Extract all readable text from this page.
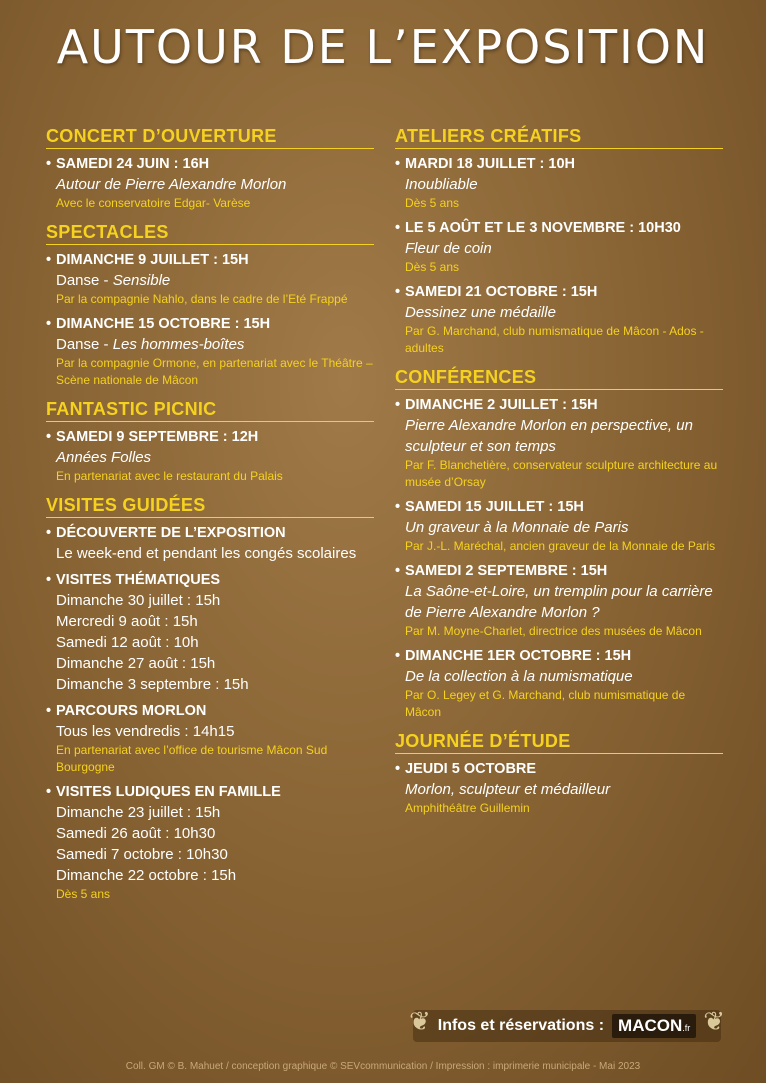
AUTOUR DE L’EXPOSITION
CONCERT D’OUVERTURE
• SAMEDI 24 JUIN : 16H
Autour de Pierre Alexandre Morlon
Avec le conservatoire Edgar- Varèse
SPECTACLES
• DIMANCHE 9 JUILLET : 15H
Danse - Sensible
Par la compagnie Nahlo, dans le cadre de l’Eté Frappé
• DIMANCHE 15 OCTOBRE : 15H
Danse - Les hommes-boîtes
Par la compagnie Ormone, en partenariat avec le Théâtre – Scène nationale de Mâcon
FANTASTIC PICNIC
• SAMEDI 9 SEPTEMBRE : 12H
Années Folles
En partenariat avec le restaurant du Palais
VISITES GUIDÉES
• DÉCOUVERTE DE L’EXPOSITION
Le week-end et pendant les congés scolaires
• VISITES THÉMATIQUES
Dimanche 30 juillet : 15h
Mercredi 9 août : 15h
Samedi 12 août : 10h
Dimanche 27 août : 15h
Dimanche 3 septembre : 15h
• PARCOURS MORLON
Tous les vendredis : 14h15
En partenariat avec l’office de tourisme Mâcon Sud Bourgogne
• VISITES LUDIQUES EN FAMILLE
Dimanche 23 juillet : 15h
Samedi 26 août : 10h30
Samedi 7 octobre : 10h30
Dimanche 22 octobre : 15h
Dès 5 ans
ATELIERS CRÉATIFS
• MARDI 18 JUILLET : 10H
Inoubliable
Dès 5 ans
• LE 5 AOÛT ET LE 3 NOVEMBRE : 10H30
Fleur de coin
Dès 5 ans
• SAMEDI 21 OCTOBRE : 15H
Dessinez une médaille
Par G. Marchand, club numismatique de Mâcon - Ados - adultes
CONFÉRENCES
• DIMANCHE 2 JUILLET : 15H
Pierre Alexandre Morlon en perspective, un sculpteur et son temps
Par F. Blanchetière, conservateur sculpture architecture au musée d’Orsay
• SAMEDI 15 JUILLET : 15H
Un graveur à la Monnaie de Paris
Par J.-L. Maréchal, ancien graveur de la Monnaie de Paris
• SAMEDI 2 SEPTEMBRE : 15H
La Saône-et-Loire, un tremplin pour la carrière de Pierre Alexandre Morlon ?
Par M. Moyne-Charlet, directrice des musées de Mâcon
• DIMANCHE 1ER OCTOBRE : 15H
De la collection à la numismatique
Par O. Legey et G. Marchand, club numismatique de Mâcon
JOURNÉE D’ÉTUDE
• JEUDI 5 OCTOBRE
Morlon, sculpteur et médailleur
Amphithéâtre Guillemin
❦	❦
Infos et réservations : MACON.fr
Coll. GM © B. Mahuet / conception graphique © SEVcommunication / Impression : imprimerie municipale - Mai 2023
